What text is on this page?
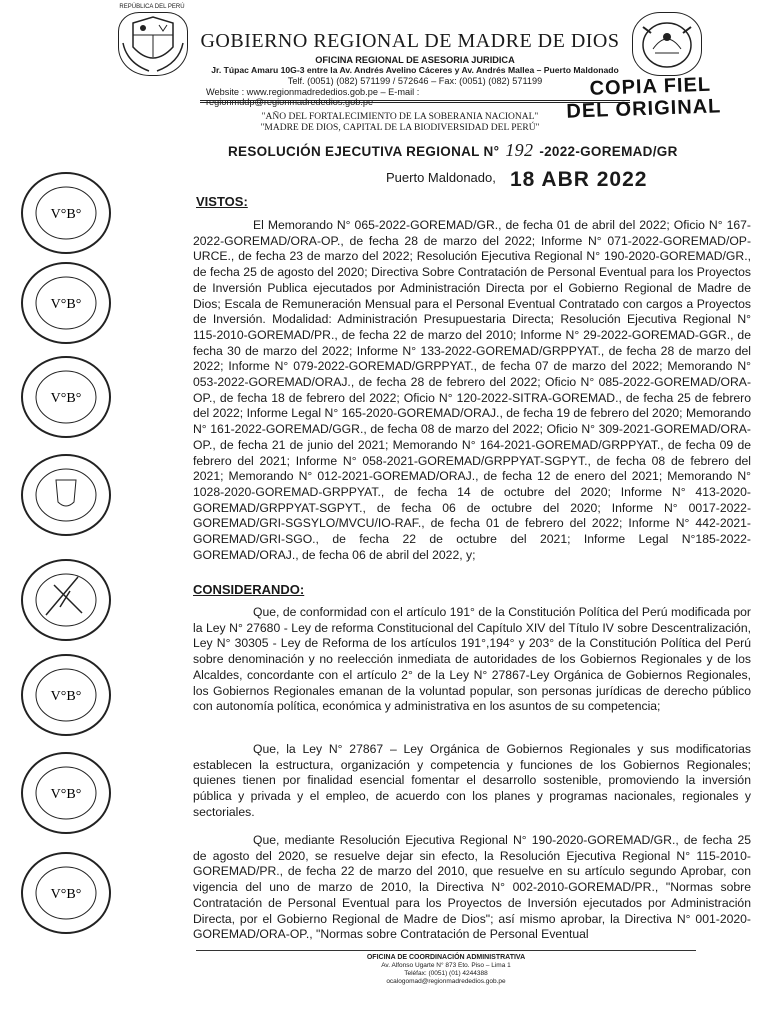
REPÚBLICA DEL PERÚ
GOBIERNO REGIONAL DE MADRE DE DIOS
OFICINA REGIONAL DE ASESORIA JURIDICA
Jr. Túpac Amaru 10G-3 entre la Av. Andrés Avelino Cáceres y Av. Andrés Mallea – Puerto Maldonado
Telf. (0051) (082) 571199 / 572646 – Fax: (0051) (082) 571199
Website : www.regionmadrededios.gob.pe – E-mail : regionmddp@regionmadrededios.gob.pe
"AÑO DEL FORTALECIMIENTO DE LA SOBERANIA NACIONAL"
"MADRE DE DIOS, CAPITAL DE LA BIODIVERSIDAD DEL PERÚ"
COPIA FIEL
DEL ORIGINAL
RESOLUCIÓN EJECUTIVA REGIONAL N° 192 -2022-GOREMAD/GR
Puerto Maldonado, 18 ABR 2022
V°B°
V°B°
V°B°
V°B°
V°B°
V°B°
VISTOS:

El Memorando N° 065-2022-GOREMAD/GR., de fecha 01 de abril del 2022; Oficio N° 167-2022-GOREMAD/ORA-OP., de fecha 28 de marzo del 2022; Informe N° 071-2022-GOREMAD/OP-URCE., de fecha 23 de marzo del 2022; Resolución Ejecutiva Regional N° 190-2020-GOREMAD/GR., de fecha 25 de agosto del 2020; Directiva Sobre Contratación de Personal Eventual para los Proyectos de Inversión Publica ejecutados por Administración Directa por el Gobierno Regional de Madre de Dios; Escala de Remuneración Mensual para el Personal Eventual Contratado con cargos a Proyectos de Inversión. Modalidad: Administración Presupuestaria Directa; Resolución Ejecutiva Regional N° 115-2010-GOREMAD/PR., de fecha 22 de marzo del 2010; Informe N° 29-2022-GOREMAD-GGR., de fecha 30 de marzo del 2022; Informe N° 133-2022-GOREMAD/GRPPYAT., de fecha 28 de marzo del 2022; Informe N° 079-2022-GOREMAD/GRPPYAT., de fecha 07 de marzo del 2022; Memorando N° 053-2022-GOREMAD/ORAJ., de fecha 28 de febrero del 2022; Oficio N° 085-2022-GOREMAD/ORA-OP., de fecha 18 de febrero del 2022; Oficio N° 120-2022-SITRA-GOREMAD., de fecha 25 de febrero del 2022; Informe Legal N° 165-2020-GOREMAD/ORAJ., de fecha 19 de febrero del 2020; Memorando N° 161-2022-GOREMAD/GGR., de fecha 08 de marzo del 2022; Oficio N° 309-2021-GOREMAD/ORA-OP., de fecha 21 de junio del 2021; Memorando N° 164-2021-GOREMAD/GRPPYAT., de fecha 09 de febrero del 2021; Informe N° 058-2021-GOREMAD/GRPPYAT-SGPYT., de fecha 08 de febrero del 2021; Memorando N° 012-2021-GOREMAD/ORAJ., de fecha 12 de enero del 2021; Memorando N° 1028-2020-GOREMAD-GRPPYAT., de fecha 14 de octubre del 2020; Informe N° 413-2020-GOREMAD/GRPPYAT-SGPYT., de fecha 06 de octubre del 2020; Informe N° 0017-2022-GOREMAD/GRI-SGSYLO/MVCU/IO-RAF., de fecha 01 de febrero del 2022; Informe N° 442-2021-GOREMAD/GRI-SGO., de fecha 22 de octubre del 2021; Informe Legal N°185-2022-GOREMAD/ORAJ., de fecha 06 de abril del 2022, y;

CONSIDERANDO:

Que, de conformidad con el artículo 191° de la Constitución Política del Perú modificada por la Ley N° 27680 - Ley de reforma Constitucional del Capítulo XIV del Título IV sobre Descentralización, Ley N° 30305 - Ley de Reforma de los artículos 191°,194° y 203° de la Constitución Política del Perú sobre denominación y no reelección inmediata de autoridades de los Gobiernos Regionales y de los Alcaldes, concordante con el artículo 2° de la Ley N° 27867-Ley Orgánica de Gobiernos Regionales, los Gobiernos Regionales emanan de la voluntad popular, son personas jurídicas de derecho público con autonomía política, económica y administrativa en los asuntos de su competencia;

Que, la Ley N° 27867 – Ley Orgánica de Gobiernos Regionales y sus modificatorias establecen la estructura, organización y competencia y funciones de los Gobiernos Regionales; quienes tienen por finalidad esencial fomentar el desarrollo sostenible, promoviendo la inversión pública y privada y el empleo, de acuerdo con los planes y programas nacionales, regionales y sectoriales.

Que, mediante Resolución Ejecutiva Regional N° 190-2020-GOREMAD/GR., de fecha 25 de agosto del 2020, se resuelve dejar sin efecto, la Resolución Ejecutiva Regional N° 115-2010-GOREMAD/PR., de fecha 22 de marzo del 2010, que resuelve en su artículo segundo Aprobar, con vigencia del uno de marzo de 2010, la Directiva N° 002-2010-GOREMAD/PR., "Normas sobre Contratación de Personal Eventual para los Proyectos de Inversión ejecutados por Administración Directa, por el Gobierno Regional de Madre de Dios"; así mismo aprobar, la Directiva N° 001-2020-GOREMAD/ORA-OP., "Normas sobre Contratación de Personal Eventual

OFICINA DE COORDINACIÓN ADMINISTRATIVA
Av. Alfonso Ugarte N° 873 Eto. Piso – Lima 1
Teléfax: (0051) (01) 4244388
ocalogomad@regionmadrededios.gob.pe
